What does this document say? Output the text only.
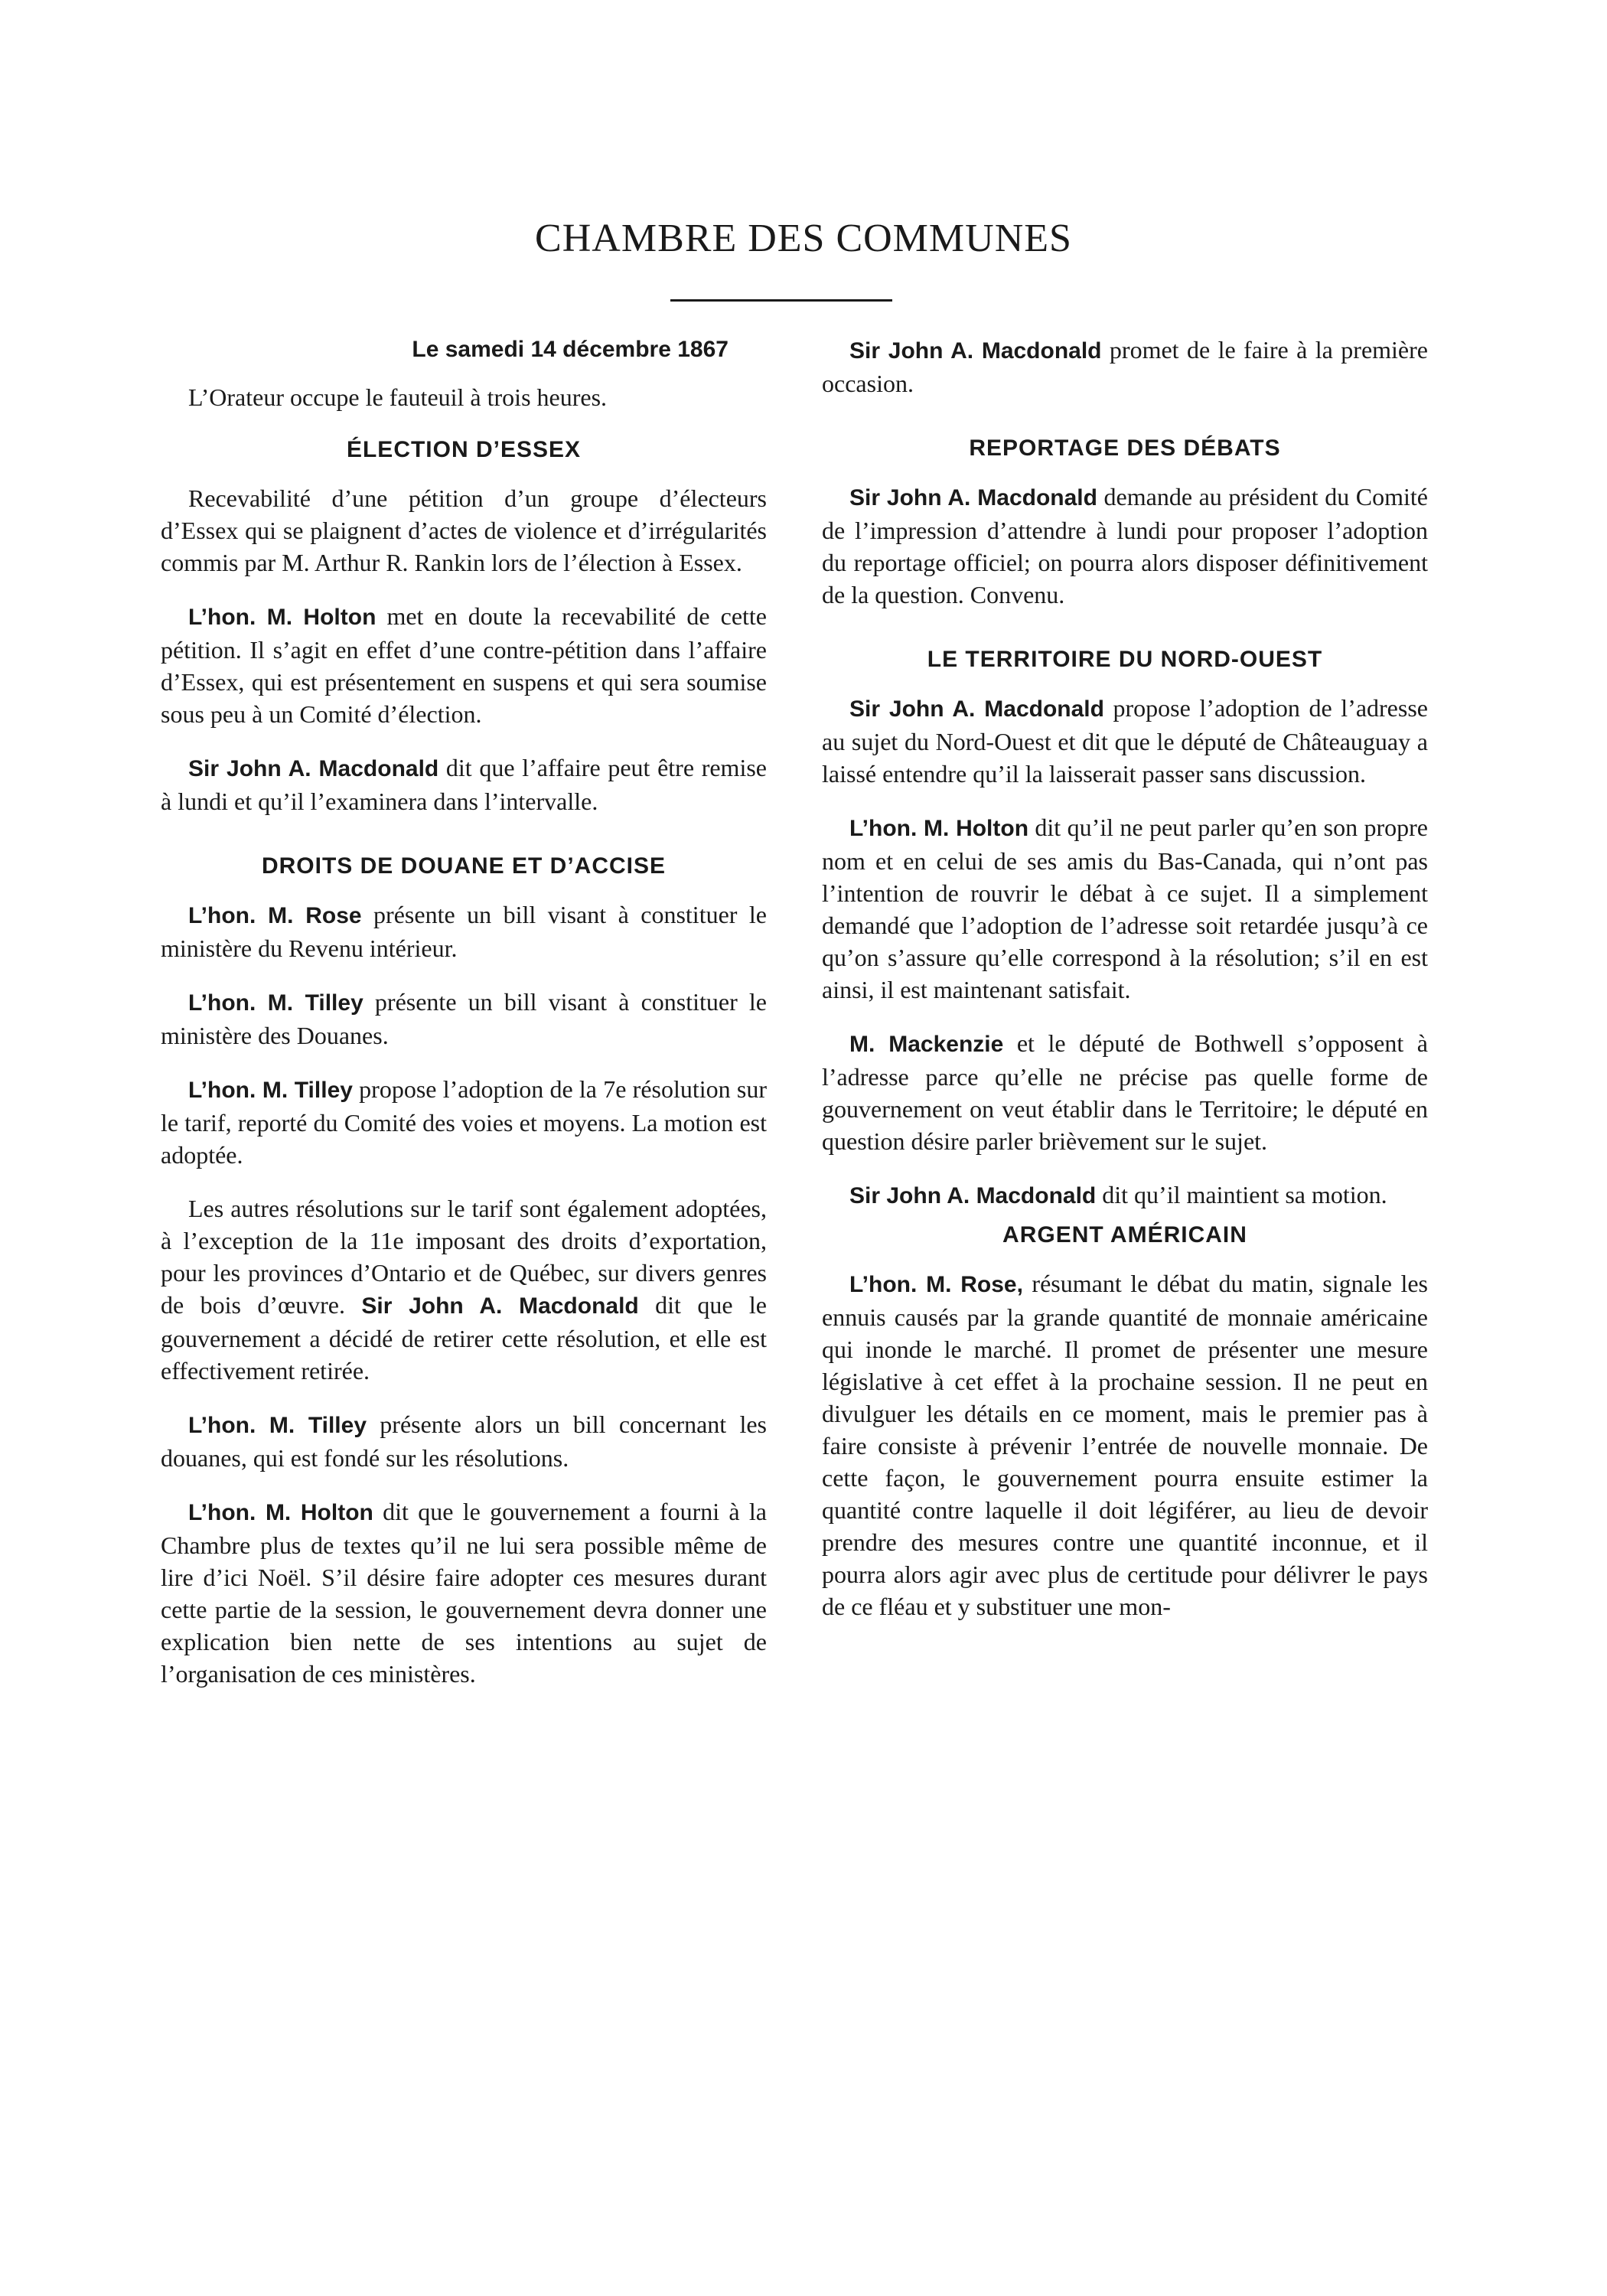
CHAMBRE DES COMMUNES

Le samedi 14 décembre 1867

L’Orateur occupe le fauteuil à trois heures.

ÉLECTION D’ESSEX

Recevabilité d’une pétition d’un groupe d’électeurs d’Essex qui se plaignent d’actes de violence et d’irrégularités commis par M. Arthur R. Rankin lors de l’élection à Essex.

L’hon. M. Holton met en doute la recevabilité de cette pétition. Il s’agit en effet d’une contre-pétition dans l’affaire d’Essex, qui est présentement en suspens et qui sera soumise sous peu à un Comité d’élection.

Sir John A. Macdonald dit que l’affaire peut être remise à lundi et qu’il l’examinera dans l’intervalle.

DROITS DE DOUANE ET D’ACCISE

L’hon. M. Rose présente un bill visant à constituer le ministère du Revenu intérieur.

L’hon. M. Tilley présente un bill visant à constituer le ministère des Douanes.

L’hon. M. Tilley propose l’adoption de la 7e résolution sur le tarif, reporté du Comité des voies et moyens. La motion est adoptée.

Les autres résolutions sur le tarif sont également adoptées, à l’exception de la 11e imposant des droits d’exportation, pour les provinces d’Ontario et de Québec, sur divers genres de bois d’œuvre. Sir John A. Macdonald dit que le gouvernement a décidé de retirer cette résolution, et elle est effectivement retirée.

L’hon. M. Tilley présente alors un bill concernant les douanes, qui est fondé sur les résolutions.

L’hon. M. Holton dit que le gouvernement a fourni à la Chambre plus de textes qu’il ne lui sera possible même de lire d’ici Noël. S’il désire faire adopter ces mesures durant cette partie de la session, le gouvernement devra donner une explication bien nette de ses intentions au sujet de l’organisation de ces ministères.

Sir John A. Macdonald promet de le faire à la première occasion.

REPORTAGE DES DÉBATS

Sir John A. Macdonald demande au président du Comité de l’impression d’attendre à lundi pour proposer l’adoption du reportage officiel; on pourra alors disposer définitivement de la question. Convenu.

LE TERRITOIRE DU NORD-OUEST

Sir John A. Macdonald propose l’adoption de l’adresse au sujet du Nord-Ouest et dit que le député de Châteauguay a laissé entendre qu’il la laisserait passer sans discussion.

L’hon. M. Holton dit qu’il ne peut parler qu’en son propre nom et en celui de ses amis du Bas-Canada, qui n’ont pas l’intention de rouvrir le débat à ce sujet. Il a simplement demandé que l’adoption de l’adresse soit retardée jusqu’à ce qu’on s’assure qu’elle correspond à la résolution; s’il en est ainsi, il est maintenant satisfait.

M. Mackenzie et le député de Bothwell s’opposent à l’adresse parce qu’elle ne précise pas quelle forme de gouvernement on veut établir dans le Territoire; le député en question désire parler brièvement sur le sujet.

Sir John A. Macdonald dit qu’il maintient sa motion.

ARGENT AMÉRICAIN

L’hon. M. Rose, résumant le débat du matin, signale les ennuis causés par la grande quantité de monnaie américaine qui inonde le marché. Il promet de présenter une mesure législative à cet effet à la prochaine session. Il ne peut en divulguer les détails en ce moment, mais le premier pas à faire consiste à prévenir l’entrée de nouvelle monnaie. De cette façon, le gouvernement pourra ensuite estimer la quantité contre laquelle il doit légiférer, au lieu de devoir prendre des mesures contre une quantité inconnue, et il pourra alors agir avec plus de certitude pour délivrer le pays de ce fléau et y substituer une mon-
